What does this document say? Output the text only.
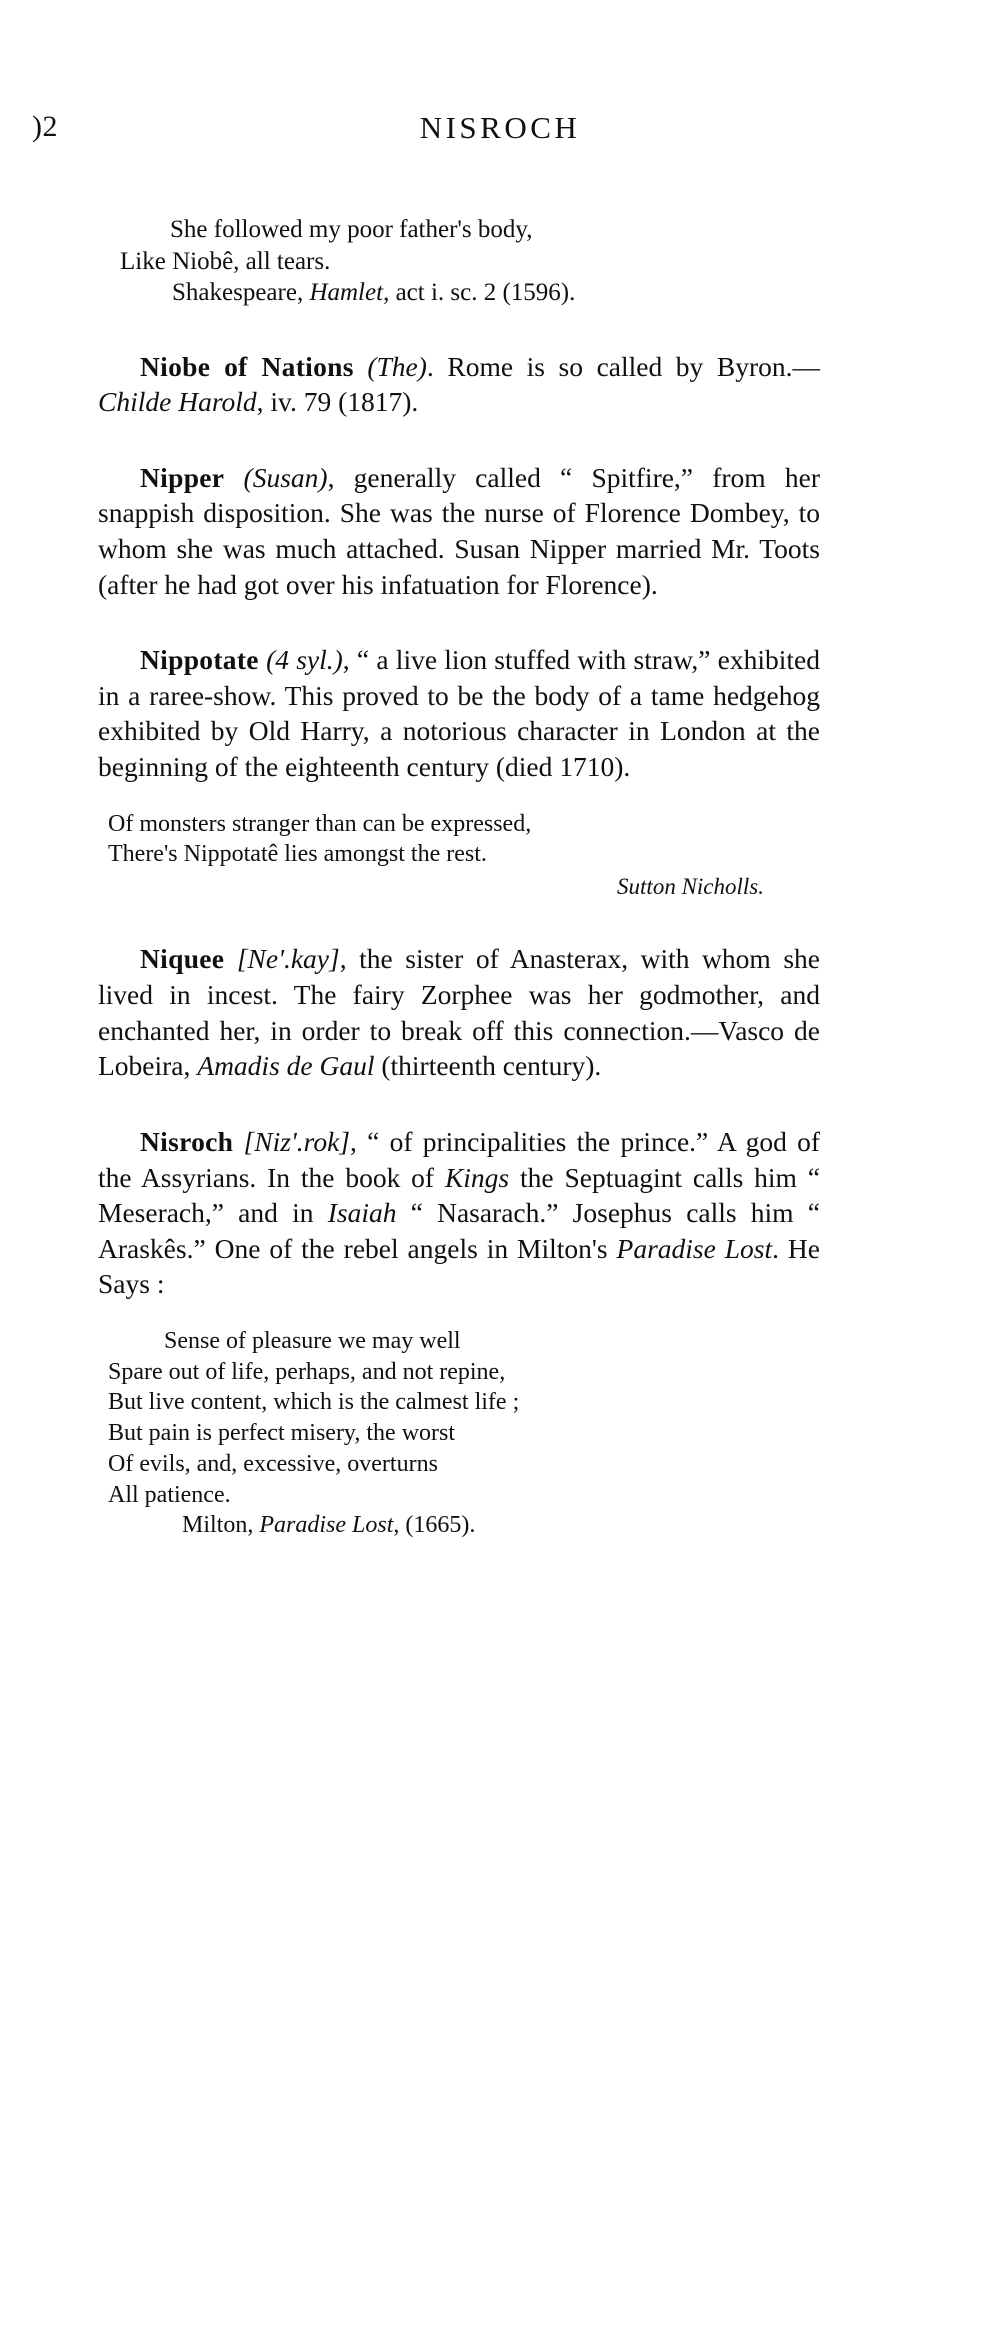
)2	NISROCH
She followed my poor father's body,
Like Niobê, all tears.
Shakespeare, Hamlet, act i. sc. 2 (1596).

Niobe of Nations (The). Rome is so called by Byron.—Childe Harold, iv. 79 (1817).

Nipper (Susan), generally called “ Spitfire,” from her snappish disposition. She was the nurse of Florence Dombey, to whom she was much attached. Susan Nipper married Mr. Toots (after he had got over his infatuation for Florence).

Nippotate (4 syl.), “ a live lion stuffed with straw,” exhibited in a raree-show. This proved to be the body of a tame hedgehog exhibited by Old Harry, a notorious character in London at the beginning of the eighteenth century (died 1710).

Of monsters stranger than can be expressed,
There's Nippotatê lies amongst the rest.
Sutton Nicholls.

Niquee [Ne'.kay], the sister of Anasterax, with whom she lived in incest. The fairy Zorphee was her godmother, and enchanted her, in order to break off this connection.—Vasco de Lobeira, Amadis de Gaul (thirteenth century).

Nisroch [Niz'.rok], “ of principalities the prince.” A god of the Assyrians. In the book of Kings the Septuagint calls him “ Meserach,” and in Isaiah “ Nasarach.” Josephus calls him “ Araskês.” One of the rebel angels in Milton's Paradise Lost. He Says :

Sense of pleasure we may well
Spare out of life, perhaps, and not repine,
But live content, which is the calmest life ;
But pain is perfect misery, the worst
Of evils, and, excessive, overturns
All patience.
Milton, Paradise Lost, (1665).
